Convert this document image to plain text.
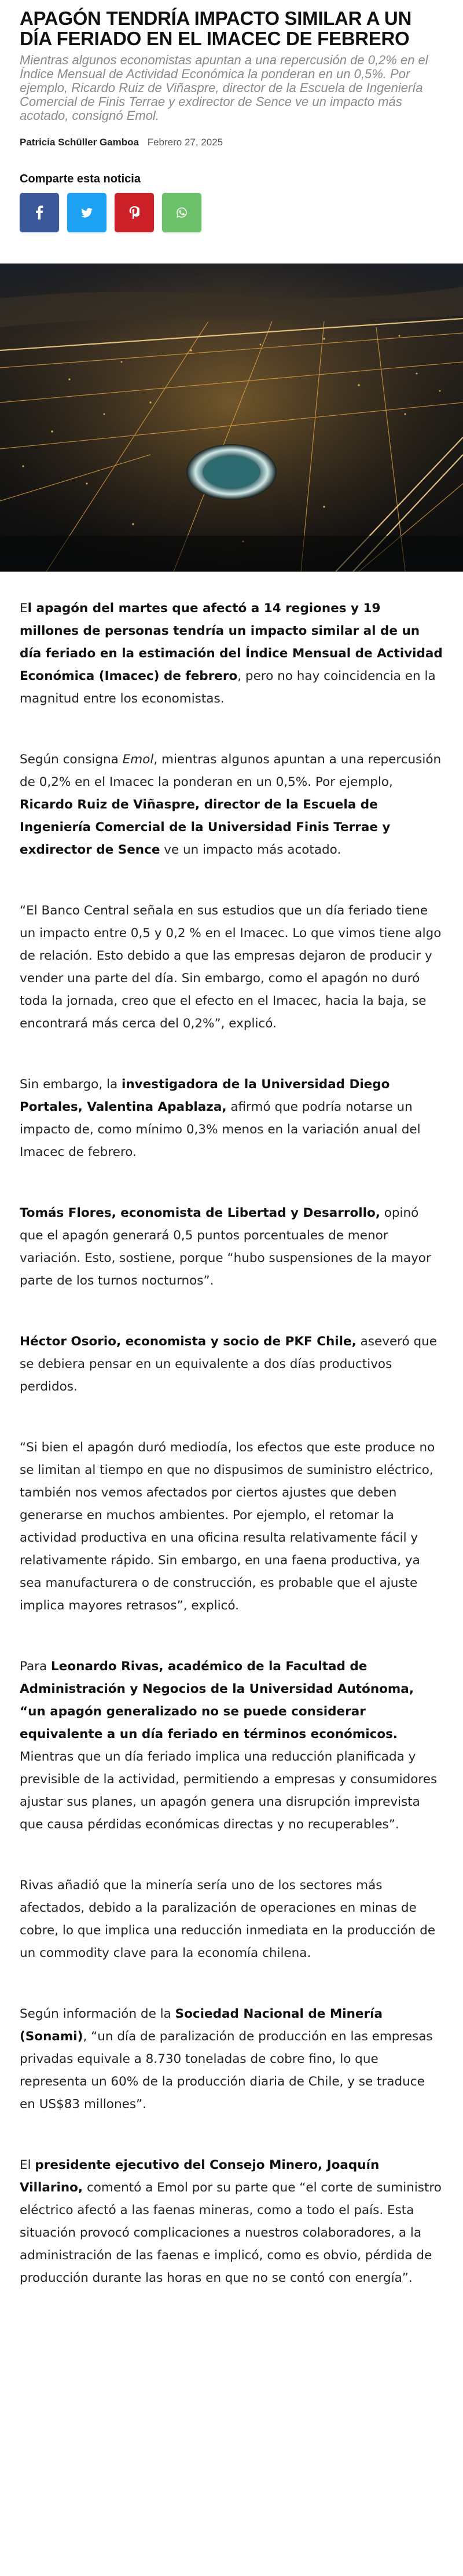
APAGÓN TENDRÍA IMPACTO SIMILAR A UN DÍA FERIADO EN EL IMACEC DE FEBRERO

Mientras algunos economistas apuntan a una repercusión de 0,2% en el Índice Mensual de Actividad Económica la ponderan en un 0,5%. Por ejemplo, Ricardo Ruiz de Viñaspre, director de la Escuela de Ingeniería Comercial de Finis Terrae y exdirector de Sence ve un impacto más acotado, consignó Emol.

Patricia Schüller Gamboa Febrero 27, 2025
Comparte esta noticia

El apagón del martes que afectó a 14 regiones y 19 millones de personas tendría un impacto similar al de un día feriado en la estimación del Índice Mensual de Actividad Económica (Imacec) de febrero, pero no hay coincidencia en la magnitud entre los economistas.

Según consigna Emol, mientras algunos apuntan a una repercusión de 0,2% en el Imacec la ponderan en un 0,5%. Por ejemplo, Ricardo Ruiz de Viñaspre, director de la Escuela de Ingeniería Comercial de la Universidad Finis Terrae y exdirector de Sence ve un impacto más acotado.

“El Banco Central señala en sus estudios que un día feriado tiene un impacto entre 0,5 y 0,2 % en el Imacec. Lo que vimos tiene algo de relación. Esto debido a que las empresas dejaron de producir y vender una parte del día. Sin embargo, como el apagón no duró toda la jornada, creo que el efecto en el Imacec, hacia la baja, se encontrará más cerca del 0,2%”, explicó.

Sin embargo, la investigadora de la Universidad Diego Portales, Valentina Apablaza, afirmó que podría notarse un impacto de, como mínimo 0,3% menos en la variación anual del Imacec de febrero.

Tomás Flores, economista de Libertad y Desarrollo, opinó que el apagón generará 0,5 puntos porcentuales de menor variación. Esto, sostiene, porque “hubo suspensiones de la mayor parte de los turnos nocturnos”.

Héctor Osorio, economista y socio de PKF Chile, aseveró que se debiera pensar en un equivalente a dos días productivos perdidos.

“Si bien el apagón duró mediodía, los efectos que este produce no se limitan al tiempo en que no dispusimos de suministro eléctrico, también nos vemos afectados por ciertos ajustes que deben generarse en muchos ambientes. Por ejemplo, el retomar la actividad productiva en una oficina resulta relativamente fácil y relativamente rápido. Sin embargo, en una faena productiva, ya sea manufacturera o de construcción, es probable que el ajuste implica mayores retrasos”, explicó.

Para Leonardo Rivas, académico de la Facultad de Administración y Negocios de la Universidad Autónoma, “un apagón generalizado no se puede considerar equivalente a un día feriado en términos económicos. Mientras que un día feriado implica una reducción planificada y previsible de la actividad, permitiendo a empresas y consumidores ajustar sus planes, un apagón genera una disrupción imprevista que causa pérdidas económicas directas y no recuperables”.

Rivas añadió que la minería sería uno de los sectores más afectados, debido a la paralización de operaciones en minas de cobre, lo que implica una reducción inmediata en la producción de un commodity clave para la economía chilena.

Según información de la Sociedad Nacional de Minería (Sonami), “un día de paralización de producción en las empresas privadas equivale a 8.730 toneladas de cobre fino, lo que representa un 60% de la producción diaria de Chile, y se traduce en US$83 millones”.

El presidente ejecutivo del Consejo Minero, Joaquín Villarino, comentó a Emol por su parte que “el corte de suministro eléctrico afectó a las faenas mineras, como a todo el país. Esta situación provocó complicaciones a nuestros colaboradores, a la administración de las faenas e implicó, como es obvio, pérdida de producción durante las horas en que no se contó con energía”.
